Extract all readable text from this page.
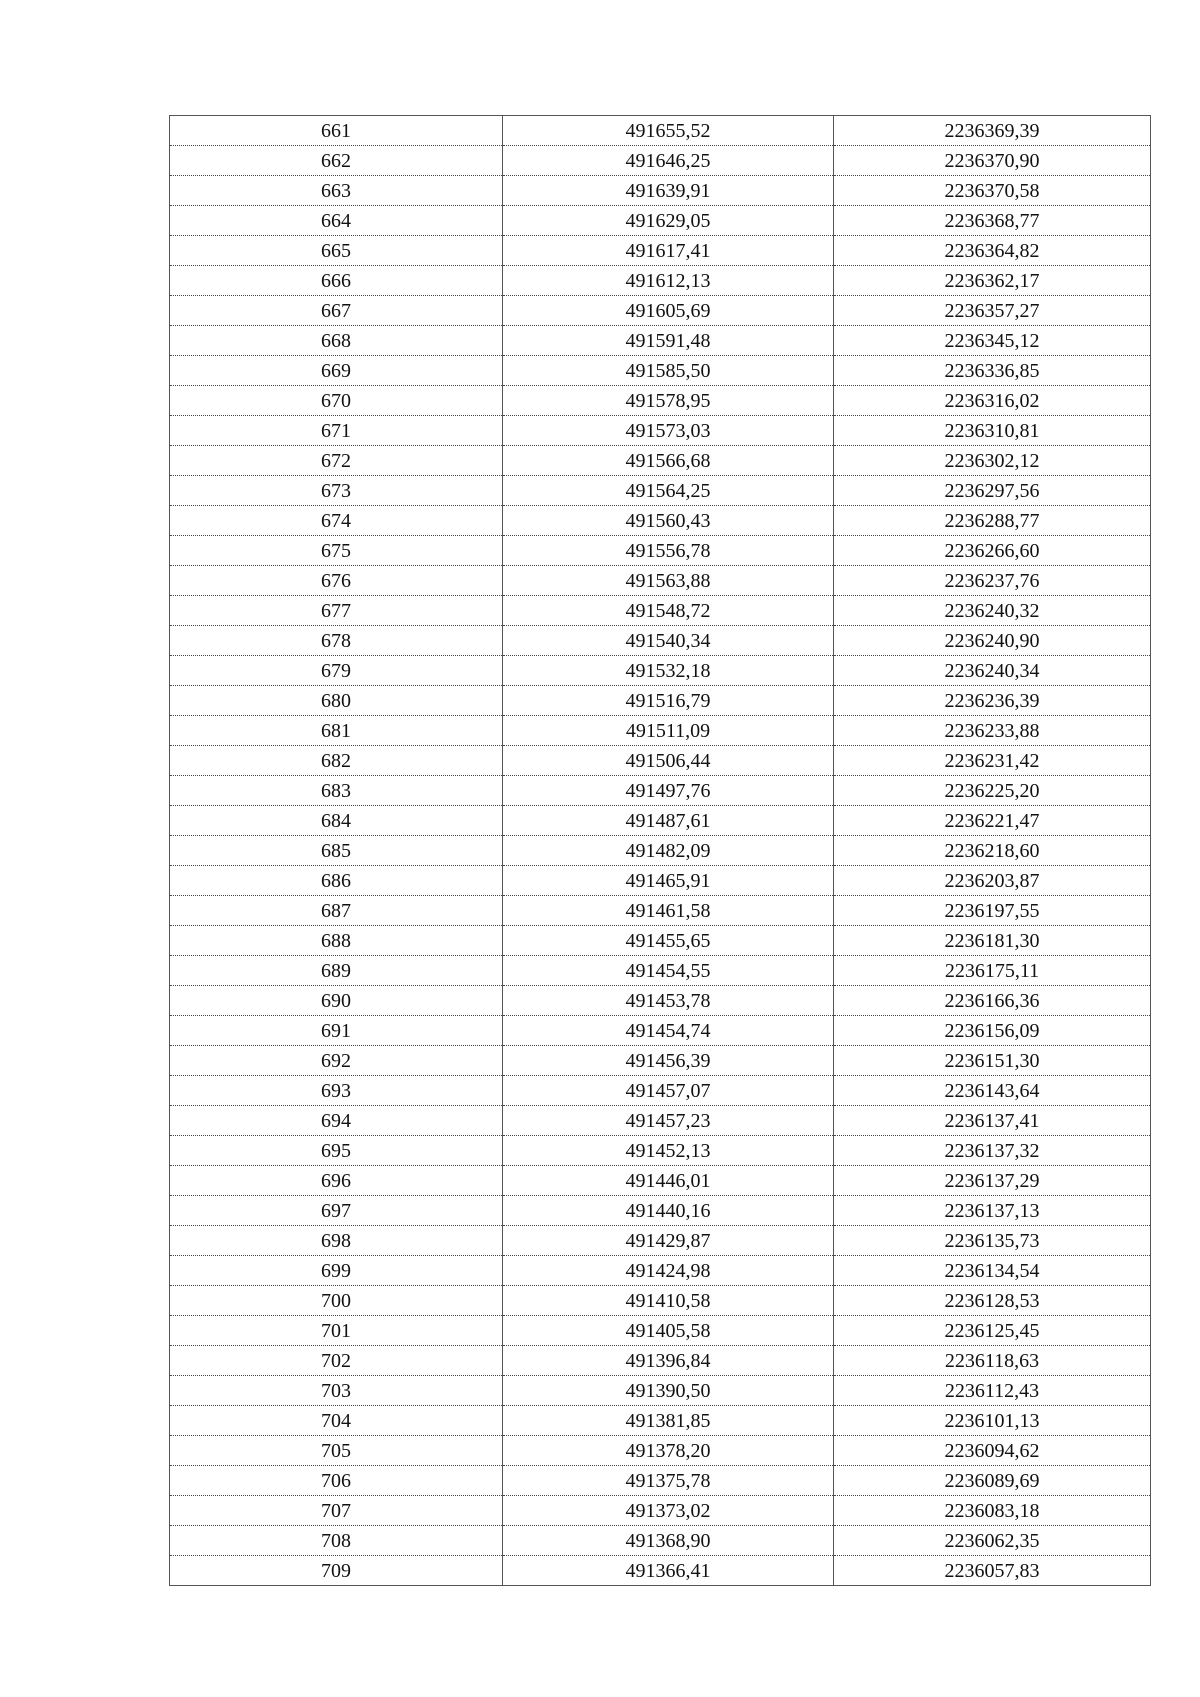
661	491655,52	2236369,39
662	491646,25	2236370,90
663	491639,91	2236370,58
664	491629,05	2236368,77
665	491617,41	2236364,82
666	491612,13	2236362,17
667	491605,69	2236357,27
668	491591,48	2236345,12
669	491585,50	2236336,85
670	491578,95	2236316,02
671	491573,03	2236310,81
672	491566,68	2236302,12
673	491564,25	2236297,56
674	491560,43	2236288,77
675	491556,78	2236266,60
676	491563,88	2236237,76
677	491548,72	2236240,32
678	491540,34	2236240,90
679	491532,18	2236240,34
680	491516,79	2236236,39
681	491511,09	2236233,88
682	491506,44	2236231,42
683	491497,76	2236225,20
684	491487,61	2236221,47
685	491482,09	2236218,60
686	491465,91	2236203,87
687	491461,58	2236197,55
688	491455,65	2236181,30
689	491454,55	2236175,11
690	491453,78	2236166,36
691	491454,74	2236156,09
692	491456,39	2236151,30
693	491457,07	2236143,64
694	491457,23	2236137,41
695	491452,13	2236137,32
696	491446,01	2236137,29
697	491440,16	2236137,13
698	491429,87	2236135,73
699	491424,98	2236134,54
700	491410,58	2236128,53
701	491405,58	2236125,45
702	491396,84	2236118,63
703	491390,50	2236112,43
704	491381,85	2236101,13
705	491378,20	2236094,62
706	491375,78	2236089,69
707	491373,02	2236083,18
708	491368,90	2236062,35
709	491366,41	2236057,83
